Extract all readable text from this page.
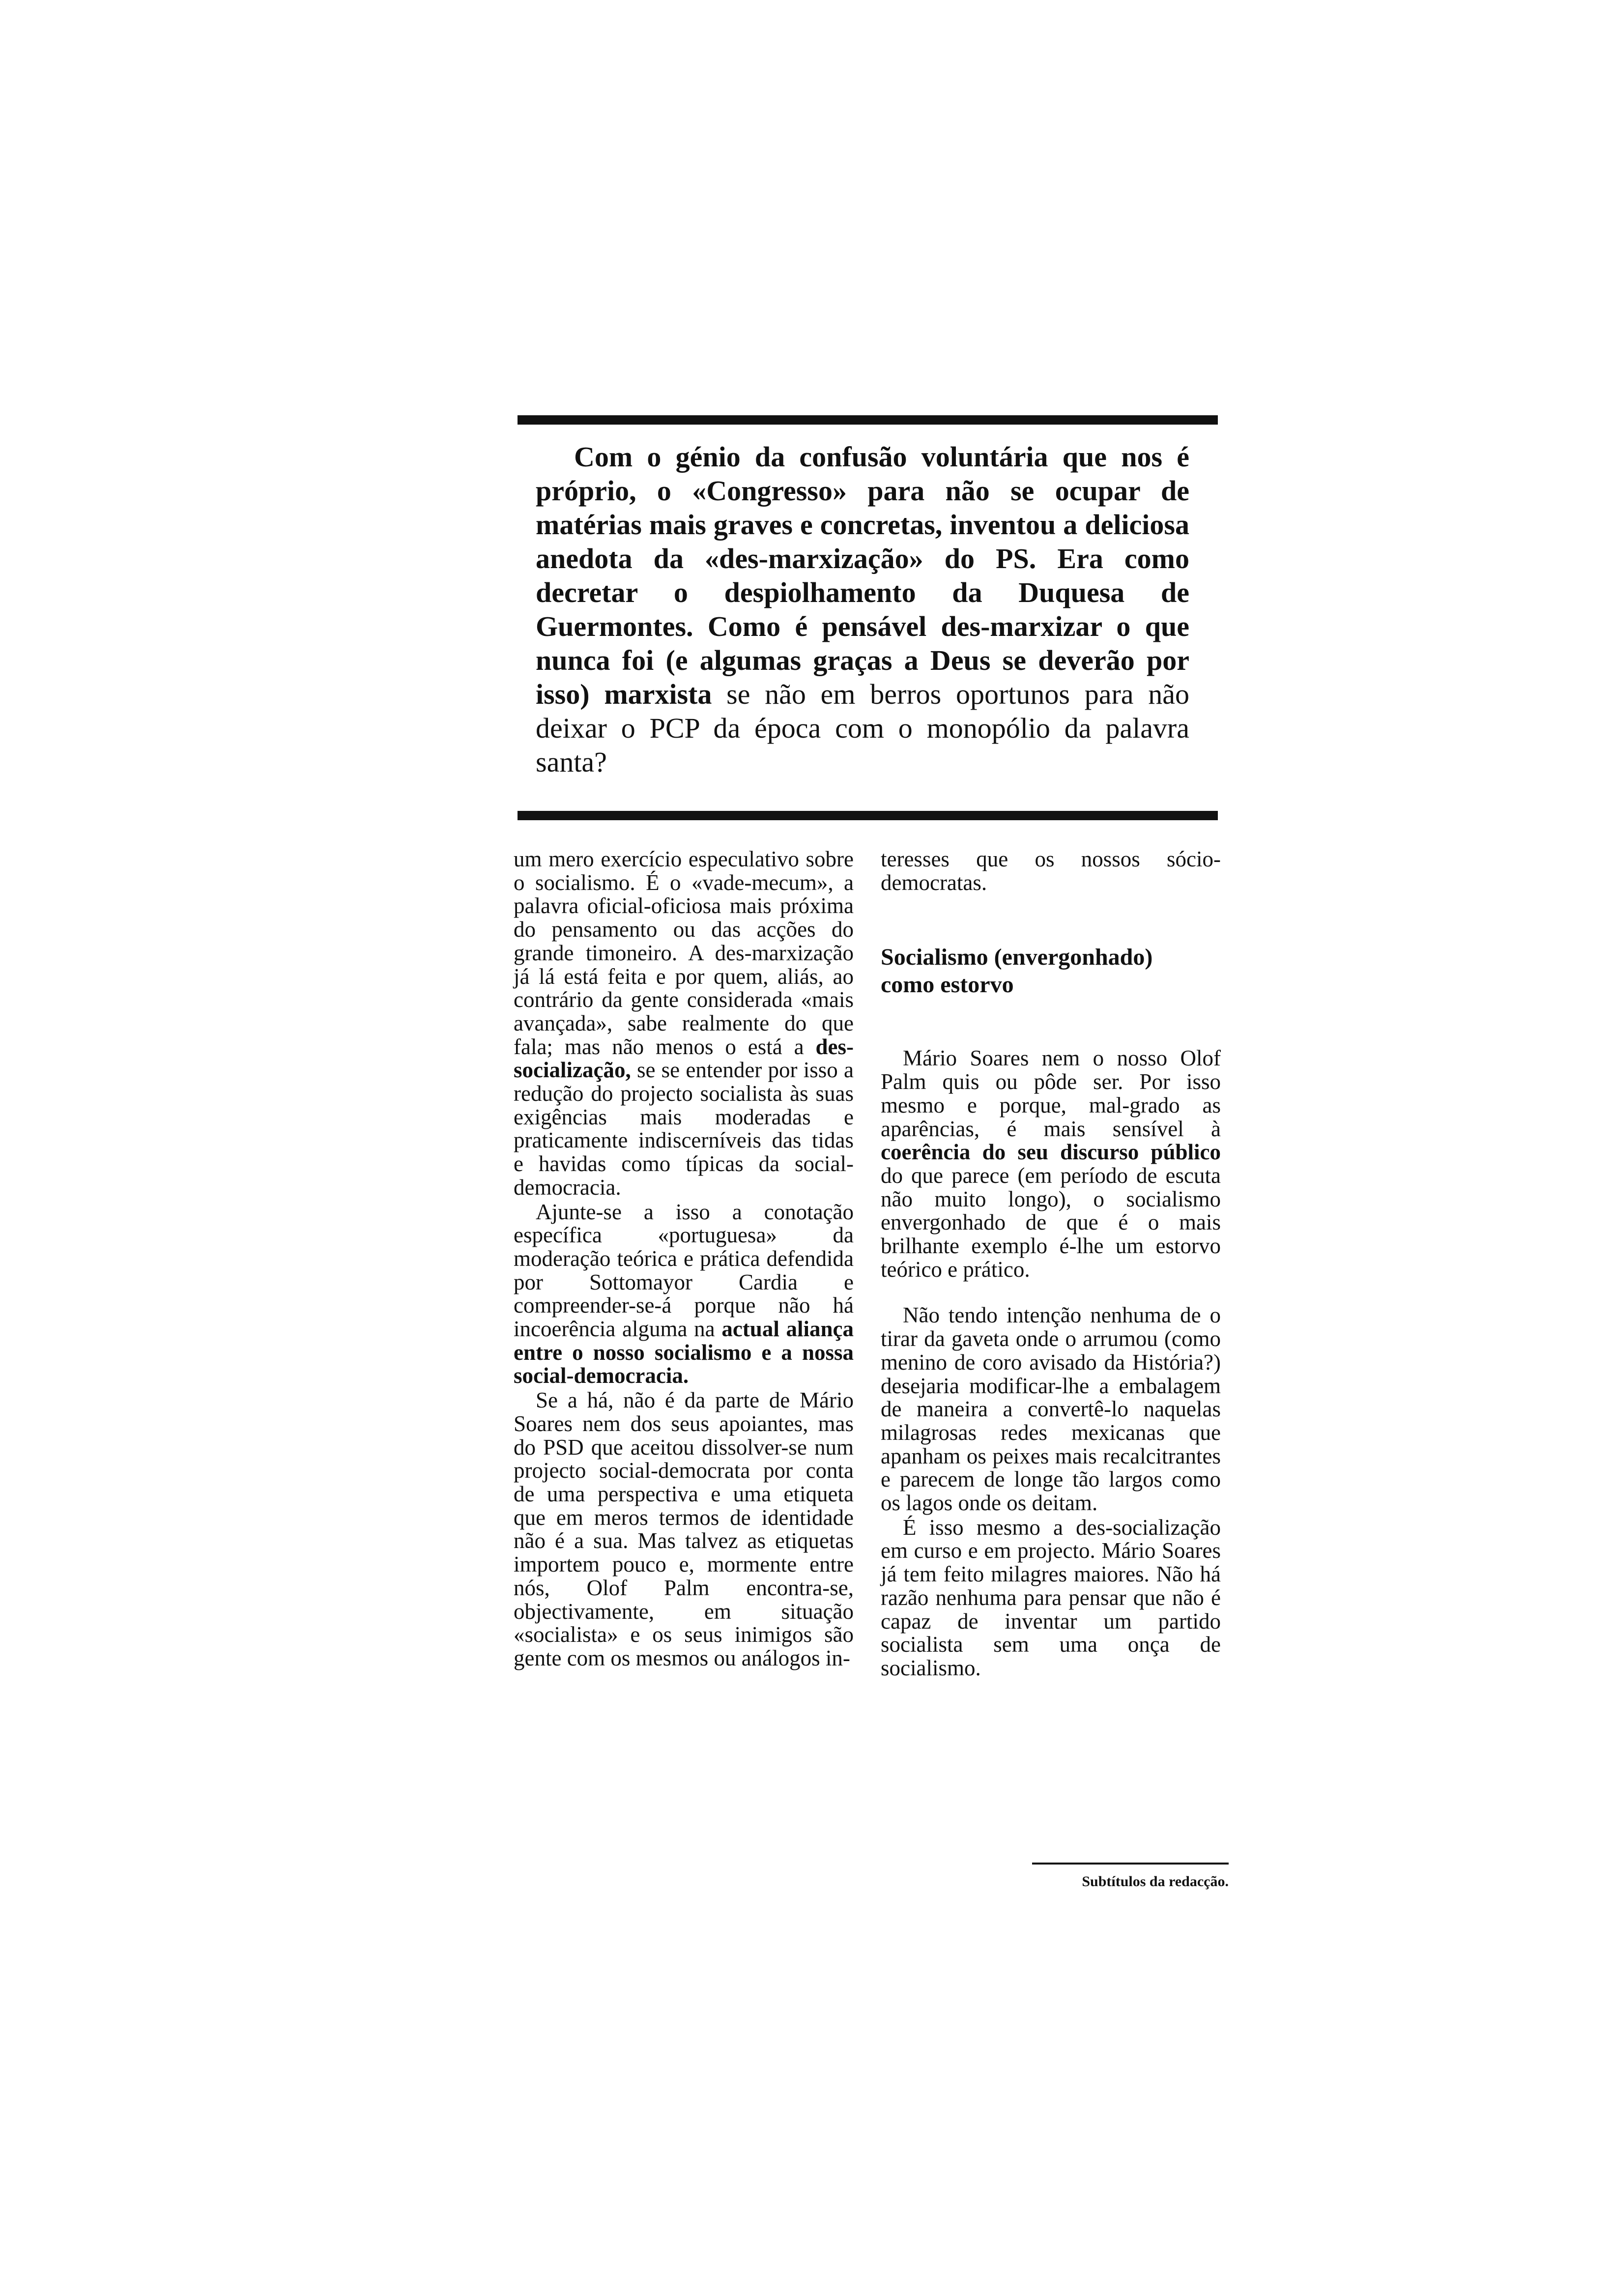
Com o génio da confusão voluntária que nos é próprio, o «Congresso» para não se ocupar de matérias mais graves e concretas, inventou a deliciosa anedota da «des-marxização» do PS. Era como decretar o despiolhamento da Duquesa de Guermontes. Como é pensável des-marxizar o que nunca foi (e algumas graças a Deus se deverão por isso) marxista se não em berros oportunos para não deixar o PCP da época com o monopólio da palavra santa?

um mero exercício especulativo sobre o socialismo. É o «vade-mecum», a palavra oficial-oficiosa mais próxima do pensamento ou das acções do grande timoneiro. A des-marxização já lá está feita e por quem, aliás, ao contrário da gente considerada «mais avançada», sabe realmente do que fala; mas não menos o está a des-socialização, se se entender por isso a redução do projecto socialista às suas exigências mais moderadas e praticamente indiscerníveis das tidas e havidas como típicas da social-democracia.

Ajunte-se a isso a conotação específica «portuguesa» da moderação teórica e prática defendida por Sottomayor Cardia e compreender-se-á porque não há incoerência alguma na actual aliança entre o nosso socialismo e a nossa social-democracia.

Se a há, não é da parte de Mário Soares nem dos seus apoiantes, mas do PSD que aceitou dissolver-se num projecto social-democrata por conta de uma perspectiva e uma etiqueta que em meros termos de identidade não é a sua. Mas talvez as etiquetas importem pouco e, mormente entre nós, Olof Palm encontra-se, objectivamente, em situação «socialista» e os seus inimigos são gente com os mesmos ou análogos in-

teresses que os nossos sócio-democratas.

Socialismo (envergonhado)
como estorvo

Mário Soares nem o nosso Olof Palm quis ou pôde ser. Por isso mesmo e porque, mal-grado as aparências, é mais sensível à coerência do seu discurso público do que parece (em período de escuta não muito longo), o socialismo envergonhado de que é o mais brilhante exemplo é-lhe um estorvo teórico e prático.

Não tendo intenção nenhuma de o tirar da gaveta onde o arrumou (como menino de coro avisado da História?) desejaria modificar-lhe a embalagem de maneira a convertê-lo naquelas milagrosas redes mexicanas que apanham os peixes mais recalcitrantes e parecem de longe tão largos como os lagos onde os deitam.

É isso mesmo a des-socialização em curso e em projecto. Mário Soares já tem feito milagres maiores. Não há razão nenhuma para pensar que não é capaz de inventar um partido socialista sem uma onça de socialismo.

Subtítulos da redacção.
